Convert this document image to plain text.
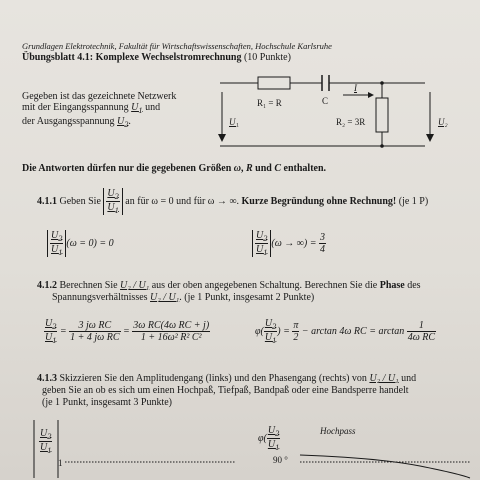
Grundlagen Elektrotechnik, Fakultät für Wirtschaftswissenschaften, Hochschule Karlsruhe
Übungsblatt 4.1: Komplexe Wechselstromrechnung (10 Punkte)
Gegeben ist das gezeichnete Netzwerk
mit der Eingangsspannung $U_1$ und
der Ausgangsspannung $U_2$.
R₁ = R	C
I
R₂ = 3R
U₁	U₂
Die Antworten dürfen nur die gegebenen Größen ω, R und C enthalten.
4.1.1 Geben Sie $\frac{U_2}{U_1}$ an für ω = 0 und für ω → ∞. Kurze Begründung ohne Rechnung! (je 1 P)
$\frac{U_2}{U_1} (\omega = 0) = 0$	$\frac{U_2}{U_1} (\omega$ → ∞) = $\frac{3}{4}$
4.1.2 Berechnen Sie U₂ / U₁ aus der oben angegebenen Schaltung. Berechnen Sie die Phase des
Spannungsverhältnisses U₂ / U₁. (je 1 Punkt, insgesamt 2 Punkte)
$\frac{U_2}{U_1} = \frac{\text{3 jω RC}}{\text{1 + 4 jω RC}} = \frac{\text{3ω RC(4ω RC + j)}}{\text{1 + 16ω² R² C²}}$	$\varphi( \frac{U_2}{U_1}$ ) = $\frac{\pi}{2} - \arctan 4\omega$ RC = $\arctan \frac{1}{\text{4ω RC}}$
4.1.3 Skizzieren Sie den Amplitudengang (links) und den Phasengang (rechts) von U₂ / U₁ und
geben Sie an ob es sich um einen Hochpaß, Tiefpaß, Bandpaß oder eine Bandsperre handelt
(je 1 Punkt, insgesamt 3 Punkte)
$\frac{U_2}{U_1}$
1
$\varphi( \frac{U_2}{U_1}$	Hochpass
90 °
